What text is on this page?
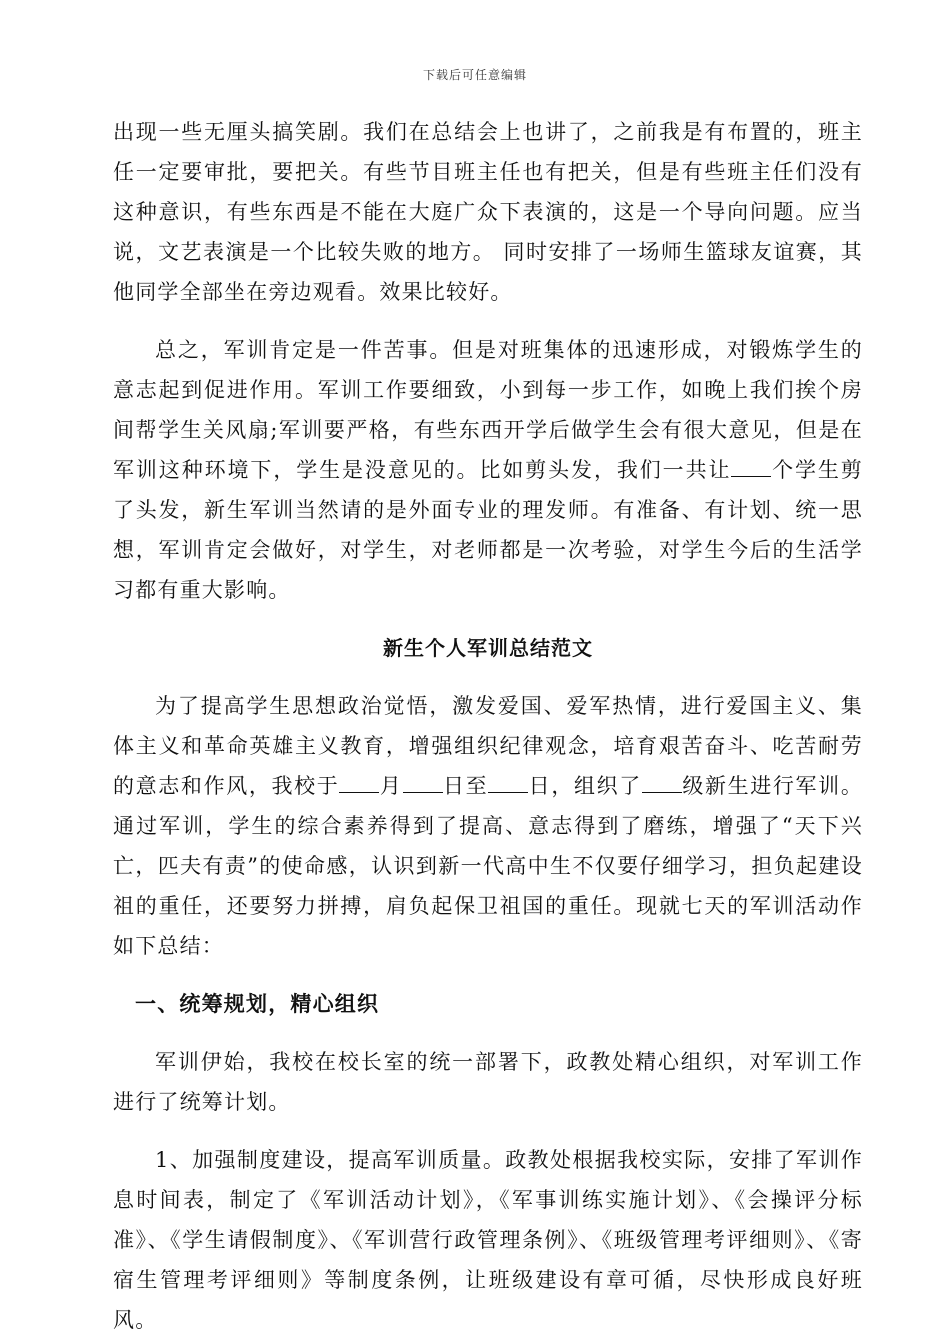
下载后可任意编辑

出现一些无厘头搞笑剧。我们在总结会上也讲了，之前我是有布置的，班主任一定要审批，要把关。有些节目班主任也有把关，但是有些班主任们没有这种意识，有些东西是不能在大庭广众下表演的，这是一个导向问题。应当说，文艺表演是一个比较失败的地方。 同时安排了一场师生篮球友谊赛，其他同学全部坐在旁边观看。效果比较好。

总之，军训肯定是一件苦事。但是对班集体的迅速形成，对锻炼学生的意志起到促进作用。军训工作要细致，小到每一步工作，如晚上我们挨个房间帮学生关风扇;军训要严格，有些东西开学后做学生会有很大意见，但是在军训这种环境下，学生是没意见的。比如剪头发，我们一共让 个学生剪了头发，新生军训当然请的是外面专业的理发师。有准备、有计划、统一思想，军训肯定会做好，对学生，对老师都是一次考验，对学生今后的生活学习都有重大影响。

新生个人军训总结范文

为了提高学生思想政治觉悟，激发爱国、爱军热情，进行爱国主义、集体主义和革命英雄主义教育，增强组织纪律观念，培育艰苦奋斗、吃苦耐劳的意志和作风，我校于 月 日至 日，组织了 级新生进行军训。通过军训，学生的综合素养得到了提高、意志得到了磨练，增强了“天下兴亡，匹夫有责”的使命感，认识到新一代高中生不仅要仔细学习，担负起建设祖的重任，还要努力拼搏，肩负起保卫祖国的重任。现就七天的军训活动作如下总结：

一、统筹规划，精心组织

军训伊始，我校在校长室的统一部署下，政教处精心组织，对军训工作进行了统筹计划。

1、加强制度建设，提高军训质量。政教处根据我校实际，安排了军训作息时间表，制定了《军训活动计划》，《军事训练实施计划》、《会操评分标准》、《学生请假制度》、《军训营行政管理条例》、《班级管理考评细则》、《寄宿生管理考评细则》等制度条例，让班级建设有章可循，尽快形成良好班风。
